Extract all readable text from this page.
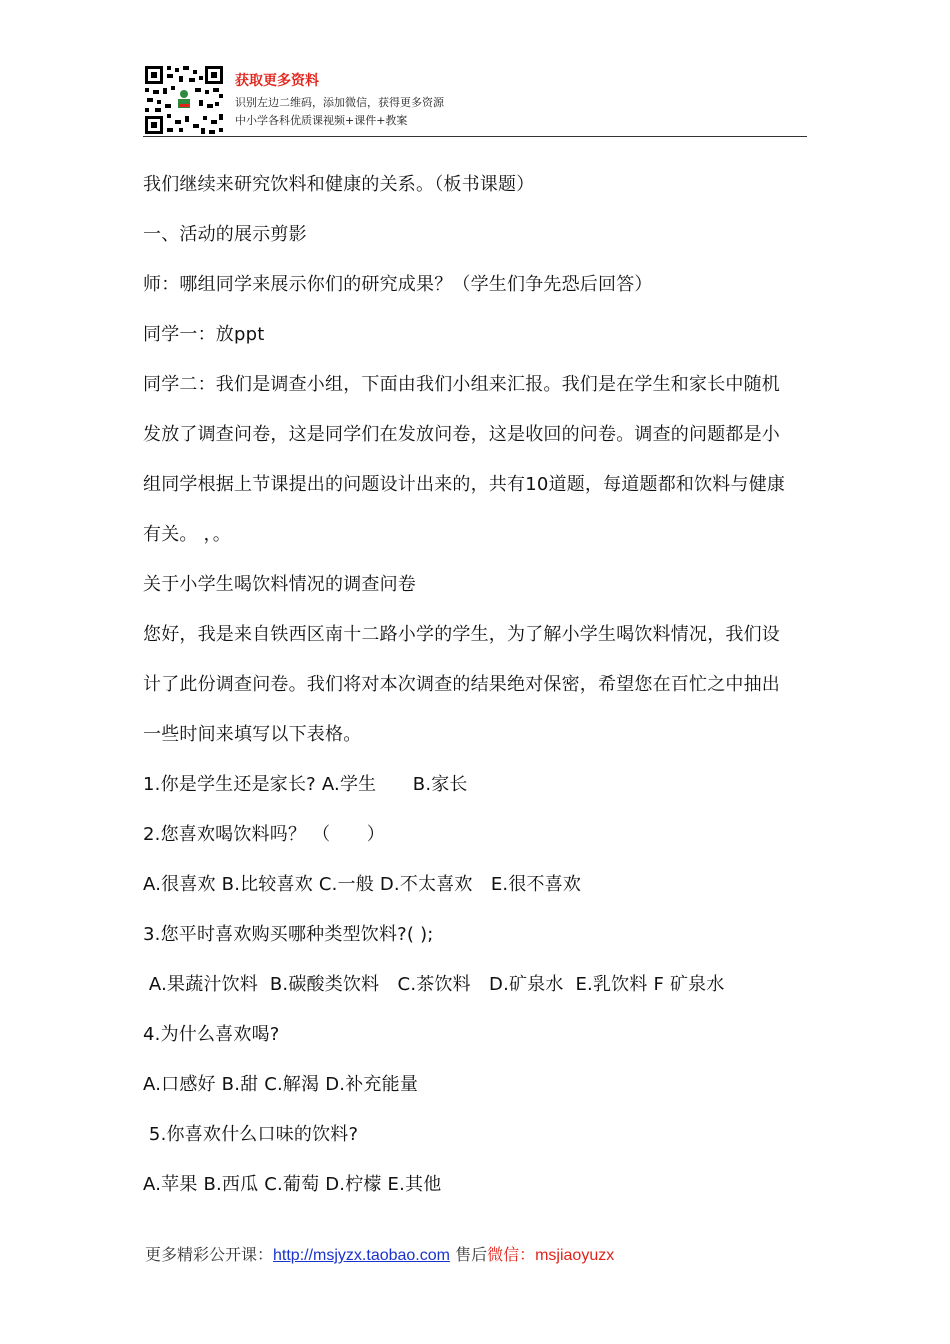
获取更多资料
识别左边二维码，添加微信，获得更多资源
中小学各科优质课视频+课件+教案

我们继续来研究饮料和健康的关系。（板书课题）

一、活动的展示剪影

师：哪组同学来展示你们的研究成果？（学生们争先恐后回答）

同学一：放ppt

同学二：我们是调查小组，下面由我们小组来汇报。我们是在学生和家长中随机

发放了调查问卷，这是同学们在发放问卷，这是收回的问卷。调查的问题都是小

组同学根据上节课提出的问题设计出来的，共有10道题，每道题都和饮料与健康

有关。 ，。

关于小学生喝饮料情况的调查问卷

您好，我是来自铁西区南十二路小学的学生，为了解小学生喝饮料情况，我们设

计了此份调查问卷。我们将对本次调查的结果绝对保密，希望您在百忙之中抽出

一些时间来填写以下表格。

1.你是学生还是家长? A.学生　　B.家长

2.您喜欢喝饮料吗？ （　　）

A.很喜欢 B.比较喜欢 C.一般 D.不太喜欢　E.很不喜欢

3.您平时喜欢购买哪种类型饮料?( );

A.果蔬汁饮料  B.碳酸类饮料　C.茶饮料　D.矿泉水  E.乳饮料 F 矿泉水

4.为什么喜欢喝?

A.口感好 B.甜 C.解渴 D.补充能量

5.你喜欢什么口味的饮料?

A.苹果 B.西瓜 C.葡萄 D.柠檬 E.其他

更多精彩公开课：http://msjyzx.taobao.com 售后微信：msjiaoyuzx
